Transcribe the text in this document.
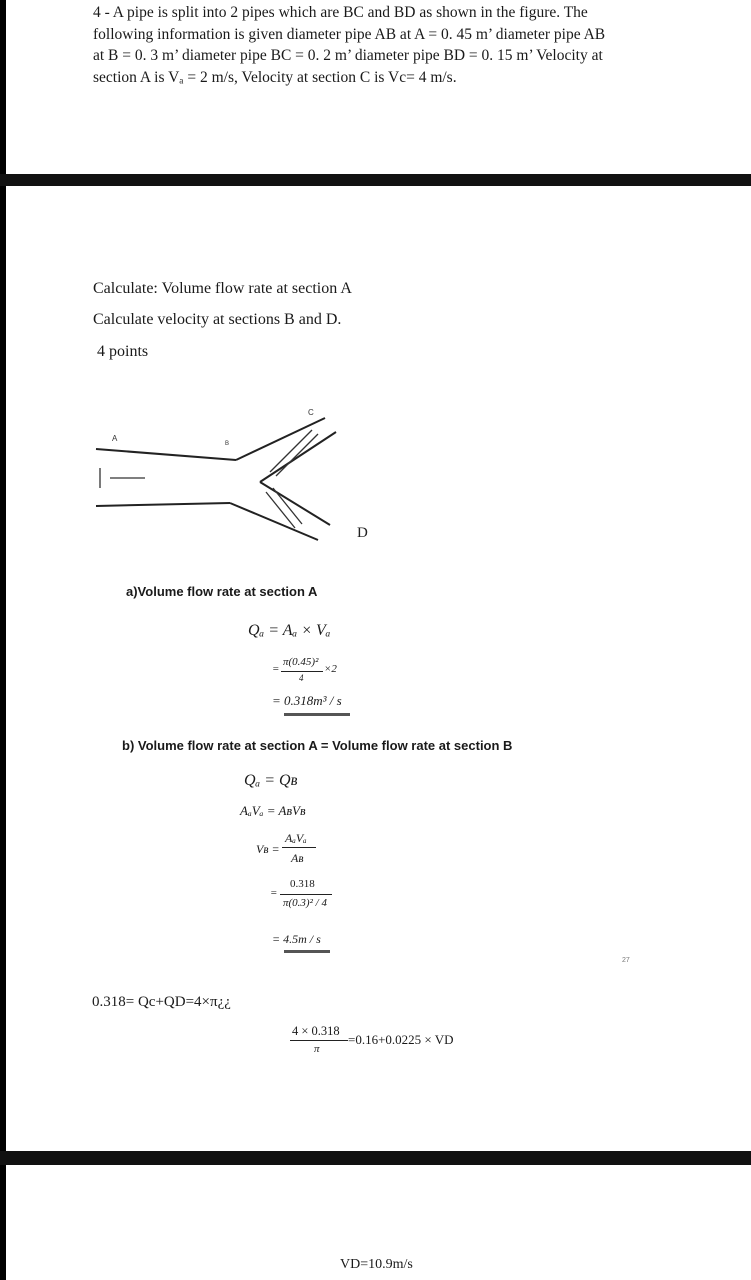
4 - A pipe is split into 2 pipes which are BC and BD as shown in the figure. The
following information is given diameter pipe AB at A = 0. 45 m’ diameter pipe AB
at B = 0. 3 m’ diameter pipe BC = 0. 2 m’ diameter pipe BD = 0. 15 m’ Velocity at
section A is Vₐ = 2 m/s, Velocity at section C is Vc= 4 m/s.
Calculate: Volume flow rate at section A
Calculate velocity at sections B and D.
4 points
A
B
C
D
a)Volume flow rate at section A
Qₐ = Aₐ × Vₐ
π(0.45)²
=	×2
4
= 0.318m³ / s
b) Volume flow rate at section A = Volume flow rate at section B
Qₐ = Qʙ
AₐVₐ = AʙVʙ
Vʙ =
AₐVₐ
Aʙ
=
0.318
π(0.3)² / 4
= 4.5m / s
27
0.318= Qc+QD=4×π¿¿
4 × 0.318
π
=0.16+0.0225 × VD
VD=10.9m/s
